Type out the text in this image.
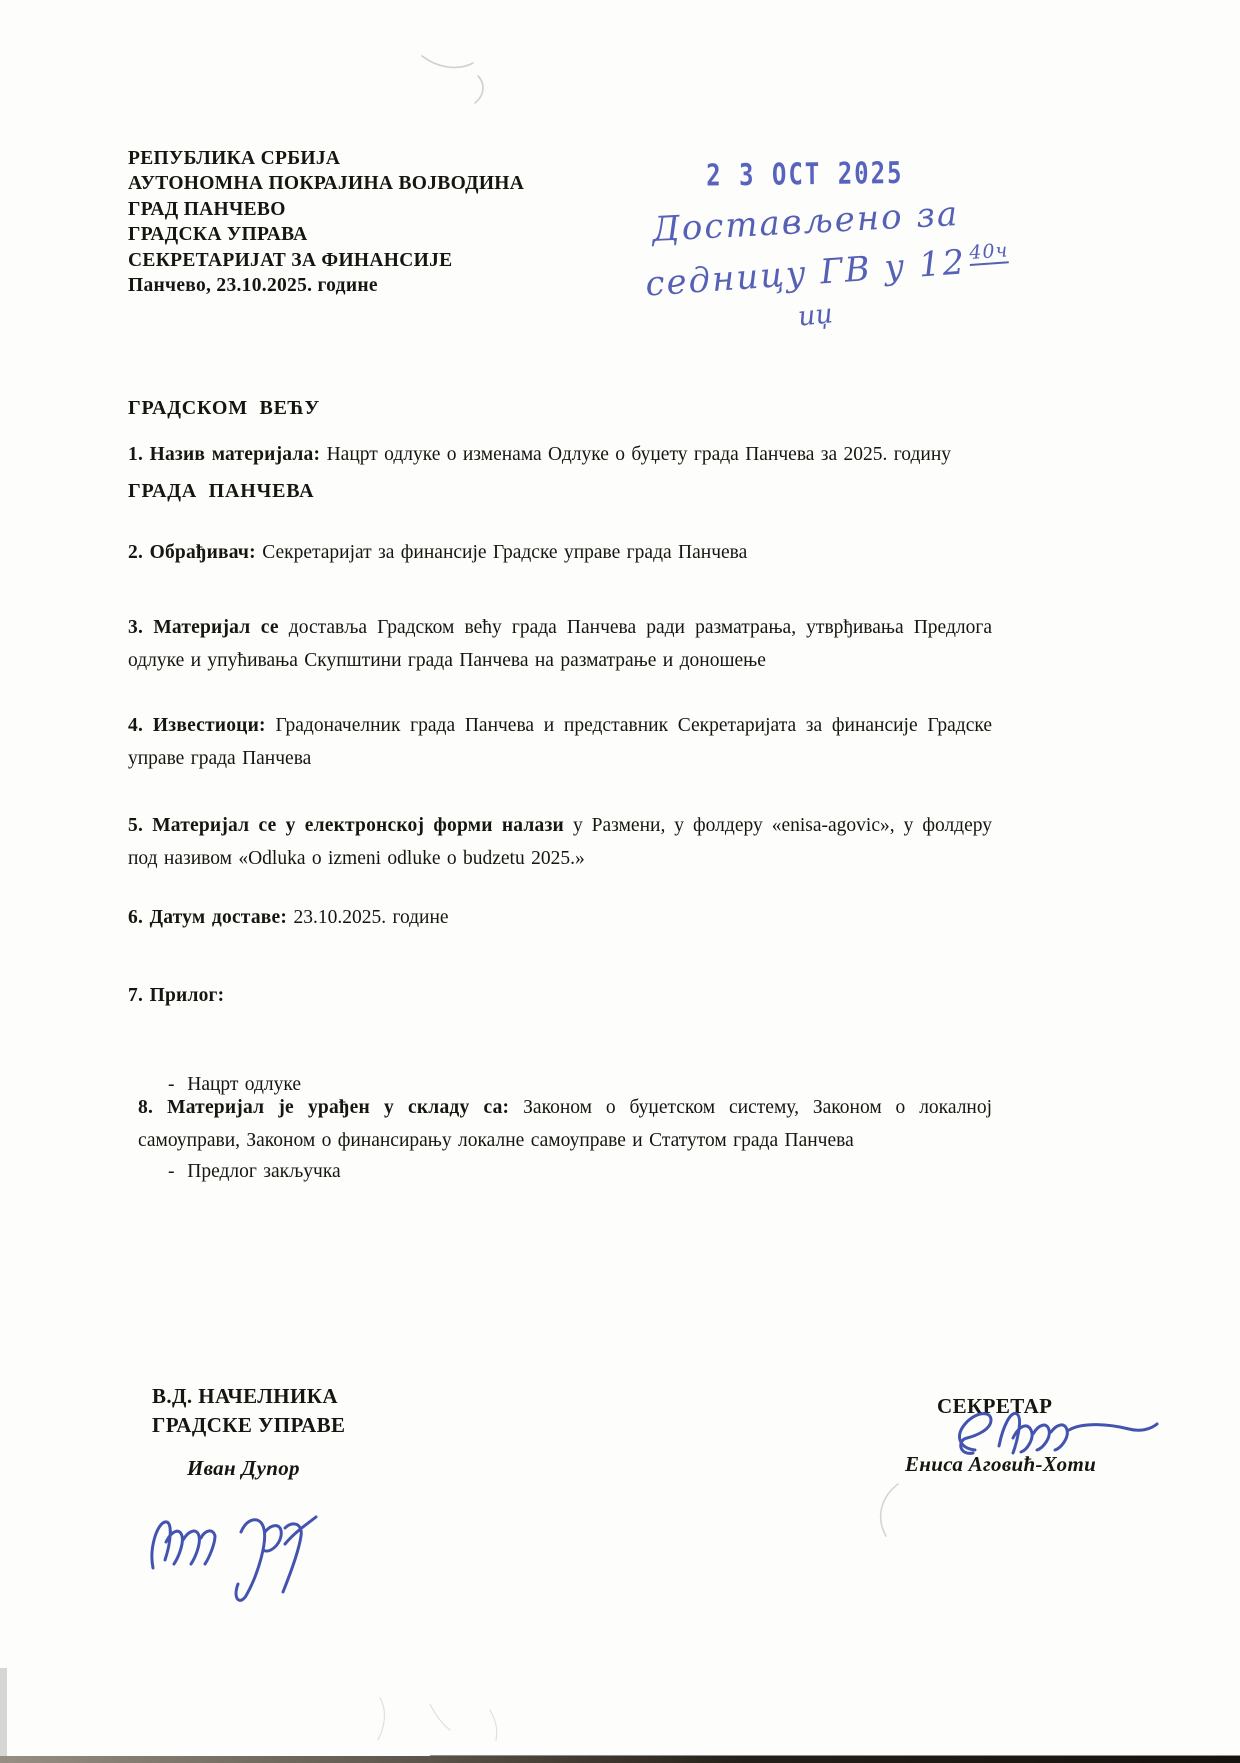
РЕПУБЛИКА СРБИЈА
АУТОНОМНА ПОКРАЈИНА ВОЈВОДИНА
ГРАД ПАНЧЕВО
ГРАДСКА УПРАВА
СЕКРЕТАРИЈАТ ЗА ФИНАНСИЈЕ
Панчево, 23.10.2025. године
2 3 OCT 2025
Достављено за
седницу ГВ у $12^{40ч}$
иџ

ГРАДСКОМ  ВЕЋУ

ГРАДА  ПАНЧЕВА

1. Назив материјала: Нацрт одлуке о изменама Одлуке о буџету града Панчева за 2025. годину

2. Обрађивач: Секретаријат за финансије Градске управе града Панчева

3. Материјал се доставља Градском већу града Панчева ради разматрања, утврђивања Предлога одлуке и упућивања Скупштини града Панчева на разматрање и доношење

4. Известиоци: Градоначелник града Панчева и представник Секретаријата за финансије Градске управе града Панчева

5. Материјал се у електронској форми налази у Размени, у фолдеру «enisa-agovic», у фолдеру под називом «Odluka o izmeni odluke o budzetu 2025.»

6. Датум доставе: 23.10.2025. године

7. Прилог:

-  Нацрт одлуке

-  Предлог закључка

8. Материјал је урађен у складу са: Законом о буџетском систему, Законом о локалној самоуправи, Законом о финансирању локалне самоуправе и Статутом града Панчева

В.Д. НАЧЕЛНИКА
ГРАДСКЕ УПРАВЕ
Иван Дупор
СЕКРЕТАР
Ениса Аговић-Хоти
